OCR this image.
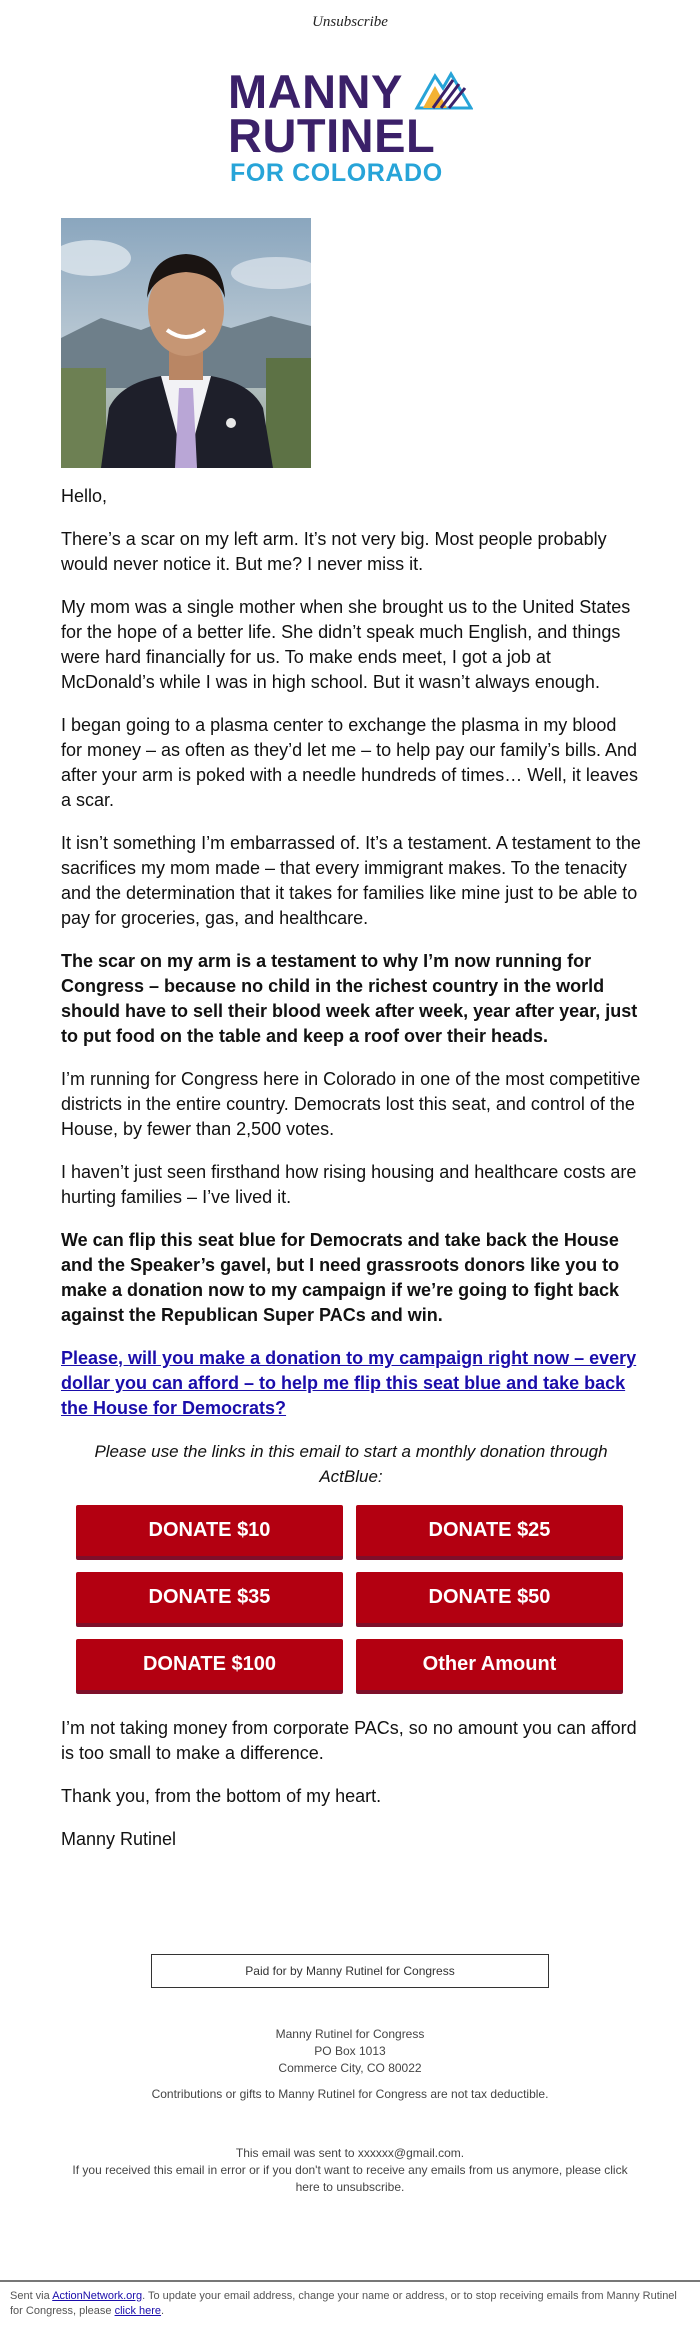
Unsubscribe
MANNY
RUTINEL
FOR COLORADO

Hello,

There’s a scar on my left arm. It’s not very big. Most people probably would never notice it. But me? I never miss it.

My mom was a single mother when she brought us to the United States for the hope of a better life. She didn’t speak much English, and things were hard financially for us. To make ends meet, I got a job at McDonald’s while I was in high school. But it wasn’t always enough.

I began going to a plasma center to exchange the plasma in my blood for money – as often as they’d let me – to help pay our family’s bills. And after your arm is poked with a needle hundreds of times… Well, it leaves a scar.

It isn’t something I’m embarrassed of. It’s a testament. A testament to the sacrifices my mom made – that every immigrant makes. To the tenacity and the determination that it takes for families like mine just to be able to pay for groceries, gas, and healthcare.

The scar on my arm is a testament to why I’m now running for Congress – because no child in the richest country in the world should have to sell their blood week after week, year after year, just to put food on the table and keep a roof over their heads.

I’m running for Congress here in Colorado in one of the most competitive districts in the entire country. Democrats lost this seat, and control of the House, by fewer than 2,500 votes.

I haven’t just seen firsthand how rising housing and healthcare costs are hurting families – I’ve lived it.

We can flip this seat blue for Democrats and take back the House and the Speaker’s gavel, but I need grassroots donors like you to make a donation now to my campaign if we’re going to fight back against the Republican Super PACs and win.

Please, will you make a donation to my campaign right now – every dollar you can afford – to help me flip this seat blue and take back the House for Democrats?

Please use the links in this email to start a monthly donation through ActBlue:

DONATE $10	DONATE $25
DONATE $35	DONATE $50
DONATE $100	Other Amount

I’m not taking money from corporate PACs, so no amount you can afford is too small to make a difference.

Thank you, from the bottom of my heart.

Manny Rutinel

Paid for by Manny Rutinel for Congress
Manny Rutinel for Congress
PO Box 1013
Commerce City, CO 80022
Contributions or gifts to Manny Rutinel for Congress are not tax deductible.
This email was sent to xxxxxx@gmail.com.
If you received this email in error or if you don't want to receive any emails from us anymore, please click here to unsubscribe.
Sent via ActionNetwork.org. To update your email address, change your name or address, or to stop receiving emails from Manny Rutinel for Congress, please click here.
